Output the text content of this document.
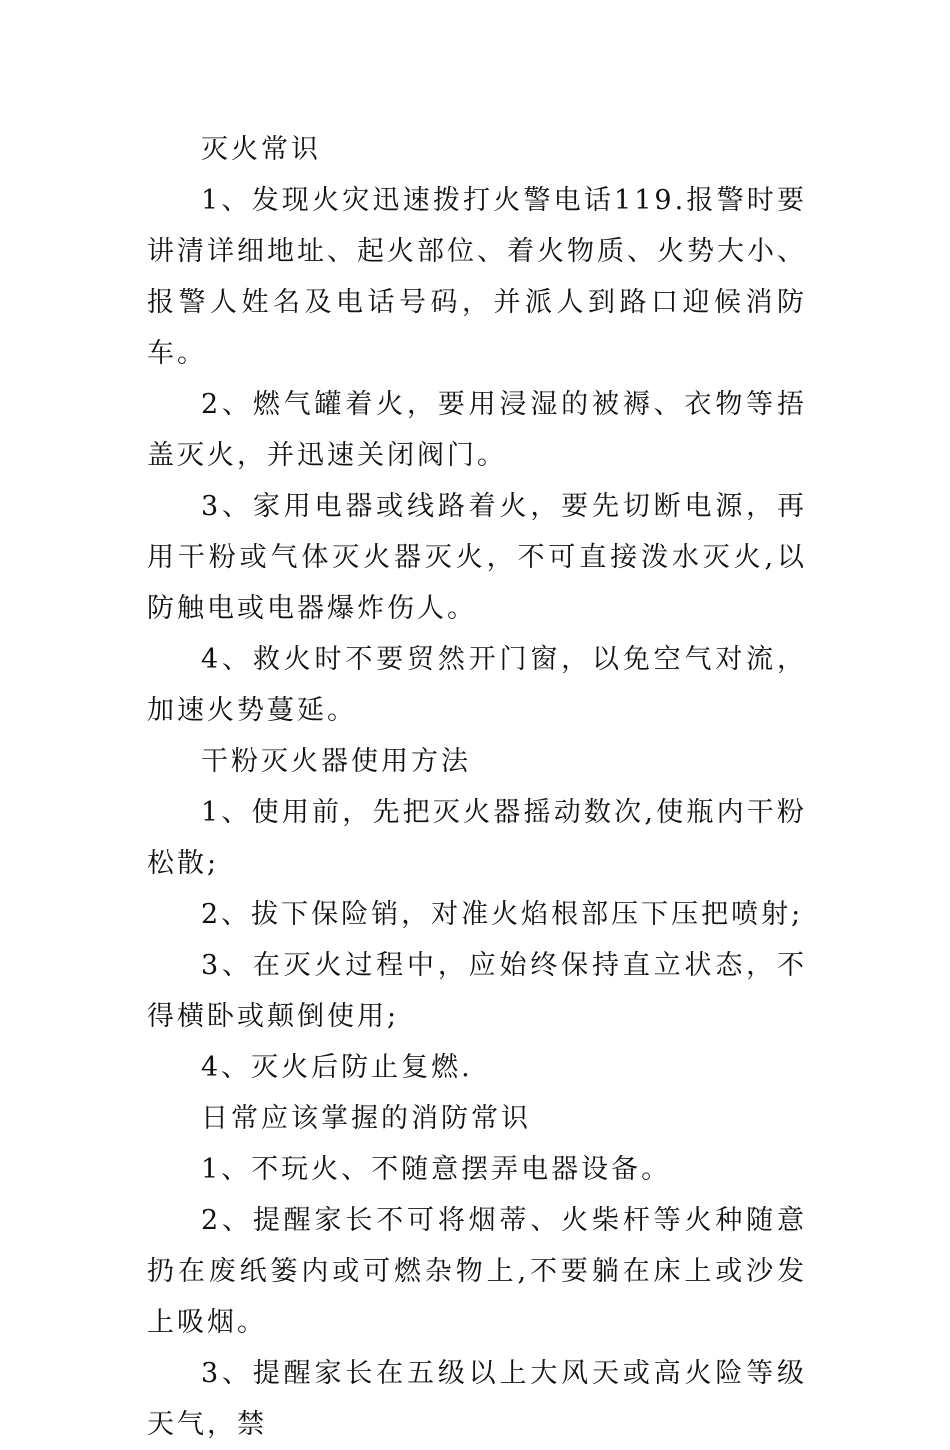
灭火常识

1、发现火灾迅速拨打火警电话119.报警时要讲清详细地址、起火部位、着火物质、火势大小、报警人姓名及电话号码，并派人到路口迎候消防车。

2、燃气罐着火，要用浸湿的被褥、衣物等捂盖灭火，并迅速关闭阀门。

3、家用电器或线路着火，要先切断电源，再用干粉或气体灭火器灭火，不可直接泼水灭火,以防触电或电器爆炸伤人。

4、救火时不要贸然开门窗，以免空气对流，加速火势蔓延。

干粉灭火器使用方法

1、使用前，先把灭火器摇动数次,使瓶内干粉松散;

2、拔下保险销，对准火焰根部压下压把喷射;

3、在灭火过程中，应始终保持直立状态，不得横卧或颠倒使用;

4、灭火后防止复燃.

日常应该掌握的消防常识

1、不玩火、不随意摆弄电器设备。

2、提醒家长不可将烟蒂、火柴杆等火种随意扔在废纸篓内或可燃杂物上,不要躺在床上或沙发上吸烟。

3、提醒家长在五级以上大风天或高火险等级天气，禁
